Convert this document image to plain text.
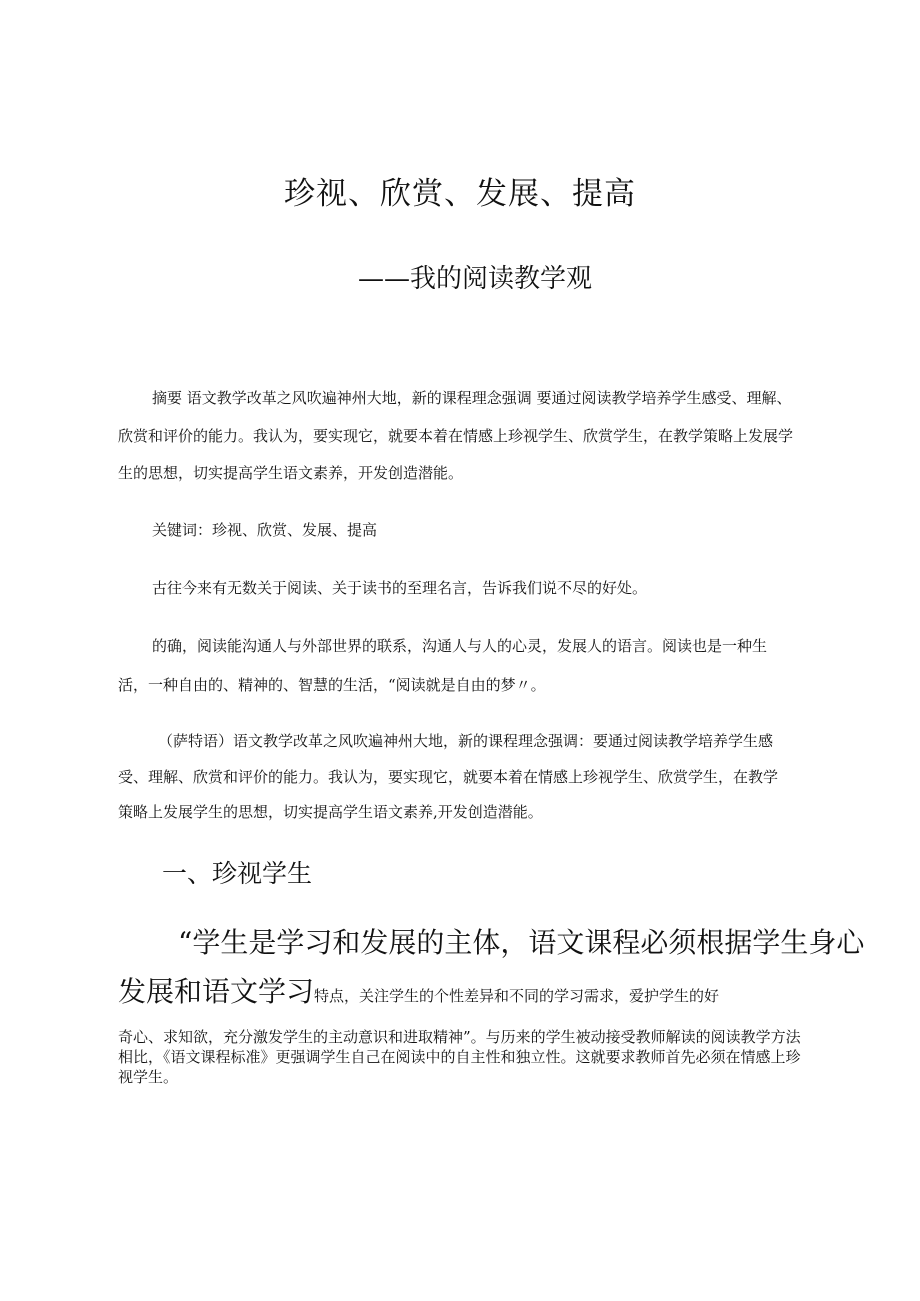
珍视、欣赏、发展、提高
——我的阅读教学观
摘要 语文教学改革之风吹遍神州大地，新的课程理念强调 要通过阅读教学培养学生感受、理解、
欣赏和评价的能力。我认为，要实现它，就要本着在情感上珍视学生、欣赏学生，在教学策略上发展学
生的思想，切实提高学生语文素养，开发创造潜能。
关键词：珍视、欣赏、发展、提高
古往今来有无数关于阅读、关于读书的至理名言，告诉我们说不尽的好处。
的确，阅读能沟通人与外部世界的联系，沟通人与人的心灵，发展人的语言。阅读也是一种生
活，一种自由的、精神的、智慧的生活，“阅读就是自由的梦〃。
（萨特语）语文教学改革之风吹遍神州大地，新的课程理念强调：要通过阅读教学培养学生感
受、理解、欣赏和评价的能力。我认为，要实现它，就要本着在情感上珍视学生、欣赏学生，在教学
策略上发展学生的思想，切实提高学生语文素养,开发创造潜能。
一、珍视学生
“学生是学习和发展的主体，语文课程必须根据学生身心
发展和语文学习特点，关注学生的个性差异和不同的学习需求，爱护学生的好
奇心、求知欲，充分激发学生的主动意识和进取精神”。与历来的学生被动接受教师解读的阅读教学方法相比，《语文课程标准》更强调学生自己在阅读中的自主性和独立性。这就要求教师首先必须在情感上珍视学生。
